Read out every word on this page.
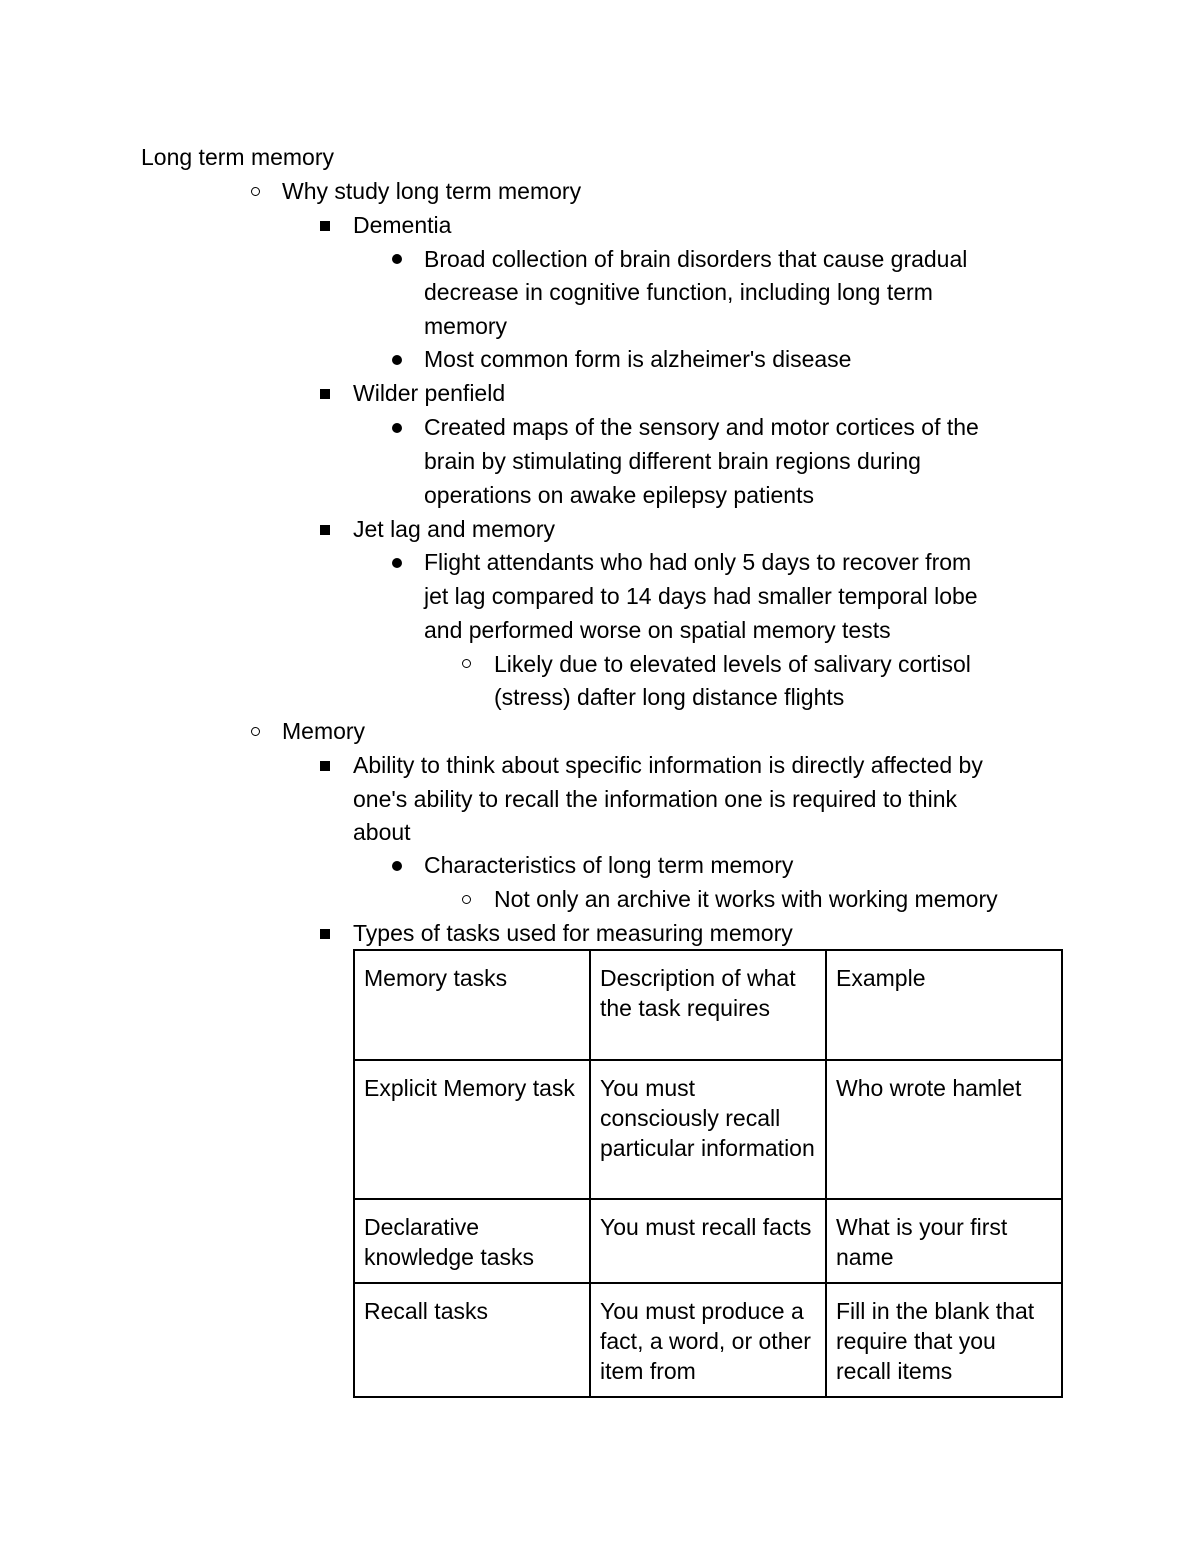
Long term memory
Why study long term memory
Dementia
Broad collection of brain disorders that cause gradual
decrease in cognitive function, including long term
memory
Most common form is alzheimer's disease
Wilder penfield
Created maps of the sensory and motor cortices of the
brain by stimulating different brain regions during
operations on awake epilepsy patients
Jet lag and memory
Flight attendants who had only 5 days to recover from
jet lag compared to 14 days had smaller temporal lobe
and performed worse on spatial memory tests
Likely due to elevated levels of salivary cortisol
(stress) dafter long distance flights
Memory
Ability to think about specific information is directly affected by
one's ability to recall the information one is required to think
about
Characteristics of long term memory
Not only an archive it works with working memory
Types of tasks used for measuring memory
Memory tasks	Description of what the task requires	Example
Explicit Memory task	You must consciously recall particular information	Who wrote hamlet
Declarative knowledge tasks	You must recall facts	What is your first name
Recall tasks	You must produce a fact, a word, or other item from	Fill in the blank that require that you recall items
